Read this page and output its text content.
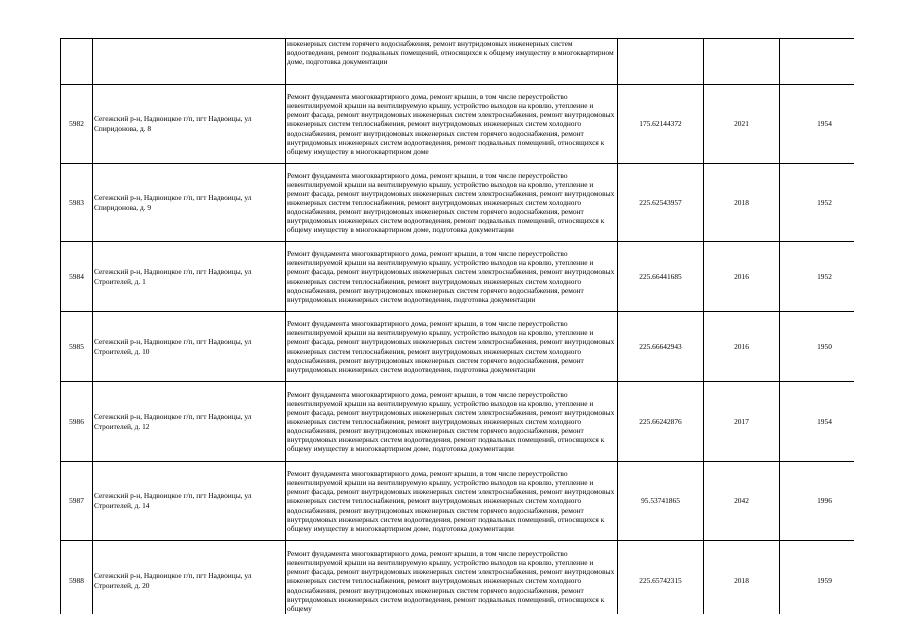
		инженерных систем горячего водоснабжения, ремонт внутридомовых инженерных систем водоотведения, ремонт подвальных помещений, относящихся к общему имуществу в многоквартирном доме, подготовка документации			
5982	Сегежский р-н, Надвоицкое г/п, пгт Надвоицы, ул Спиридонова, д. 8	Ремонт фундамента многоквартирного дома, ремонт крыши, в том числе переустройство невентилируемой крыши на вентилируемую крышу, устройство выходов на кровлю, утепление и ремонт фасада, ремонт внутридомовых инженерных систем электроснабжения, ремонт внутридомовых инженерных систем теплоснабжения, ремонт внутридомовых инженерных систем холодного водоснабжения, ремонт внутридомовых инженерных систем горячего водоснабжения, ремонт внутридомовых инженерных систем водоотведения, ремонт подвальных помещений, относящихся к общему имуществу в многоквартирном доме	175.62144372	2021	1954
5983	Сегежский р-н, Надвоицкое г/п, пгт Надвоицы, ул Спиридонова, д. 9	Ремонт фундамента многоквартирного дома, ремонт крыши, в том числе переустройство невентилируемой крыши на вентилируемую крышу, устройство выходов на кровлю, утепление и ремонт фасада, ремонт внутридомовых инженерных систем электроснабжения, ремонт внутридомовых инженерных систем теплоснабжения, ремонт внутридомовых инженерных систем холодного водоснабжения, ремонт внутридомовых инженерных систем горячего водоснабжения, ремонт внутридомовых инженерных систем водоотведения, ремонт подвальных помещений, относящихся к общему имуществу в многоквартирном доме, подготовка документации	225.62543957	2018	1952
5984	Сегежский р-н, Надвоицкое г/п, пгт Надвоицы, ул Строителей, д. 1	Ремонт фундамента многоквартирного дома, ремонт крыши, в том числе переустройство невентилируемой крыши на вентилируемую крышу, устройство выходов на кровлю, утепление и ремонт фасада, ремонт внутридомовых инженерных систем электроснабжения, ремонт внутридомовых инженерных систем теплоснабжения, ремонт внутридомовых инженерных систем холодного водоснабжения, ремонт внутридомовых инженерных систем горячего водоснабжения, ремонт внутридомовых инженерных систем водоотведения, подготовка документации	225.66441685	2016	1952
5985	Сегежский р-н, Надвоицкое г/п, пгт Надвоицы, ул Строителей, д. 10	Ремонт фундамента многоквартирного дома, ремонт крыши, в том числе переустройство невентилируемой крыши на вентилируемую крышу, устройство выходов на кровлю, утепление и ремонт фасада, ремонт внутридомовых инженерных систем электроснабжения, ремонт внутридомовых инженерных систем теплоснабжения, ремонт внутридомовых инженерных систем холодного водоснабжения, ремонт внутридомовых инженерных систем горячего водоснабжения, ремонт внутридомовых инженерных систем водоотведения, подготовка документации	225.66642943	2016	1950
5986	Сегежский р-н, Надвоицкое г/п, пгт Надвоицы, ул Строителей, д. 12	Ремонт фундамента многоквартирного дома, ремонт крыши, в том числе переустройство невентилируемой крыши на вентилируемую крышу, устройство выходов на кровлю, утепление и ремонт фасада, ремонт внутридомовых инженерных систем электроснабжения, ремонт внутридомовых инженерных систем теплоснабжения, ремонт внутридомовых инженерных систем холодного водоснабжения, ремонт внутридомовых инженерных систем горячего водоснабжения, ремонт внутридомовых инженерных систем водоотведения, ремонт подвальных помещений, относящихся к общему имуществу в многоквартирном доме, подготовка документации	225.66242876	2017	1954
5987	Сегежский р-н, Надвоицкое г/п, пгт Надвоицы, ул Строителей, д. 14	Ремонт фундамента многоквартирного дома, ремонт крыши, в том числе переустройство невентилируемой крыши на вентилируемую крышу, устройство выходов на кровлю, утепление и ремонт фасада, ремонт внутридомовых инженерных систем электроснабжения, ремонт внутридомовых инженерных систем теплоснабжения, ремонт внутридомовых инженерных систем холодного водоснабжения, ремонт внутридомовых инженерных систем горячего водоснабжения, ремонт внутридомовых инженерных систем водоотведения, ремонт подвальных помещений, относящихся к общему имуществу в многоквартирном доме, подготовка документации	95.53741865	2042	1996
5988	Сегежский р-н, Надвоицкое г/п, пгт Надвоицы, ул Строителей, д. 20	Ремонт фундамента многоквартирного дома, ремонт крыши, в том числе переустройство невентилируемой крыши на вентилируемую крышу, устройство выходов на кровлю, утепление и ремонт фасада, ремонт внутридомовых инженерных систем электроснабжения, ремонт внутридомовых инженерных систем теплоснабжения, ремонт внутридомовых инженерных систем холодного водоснабжения, ремонт внутридомовых инженерных систем горячего водоснабжения, ремонт внутридомовых инженерных систем водоотведения, ремонт подвальных помещений, относящихся к общему	225.65742315	2018	1959
